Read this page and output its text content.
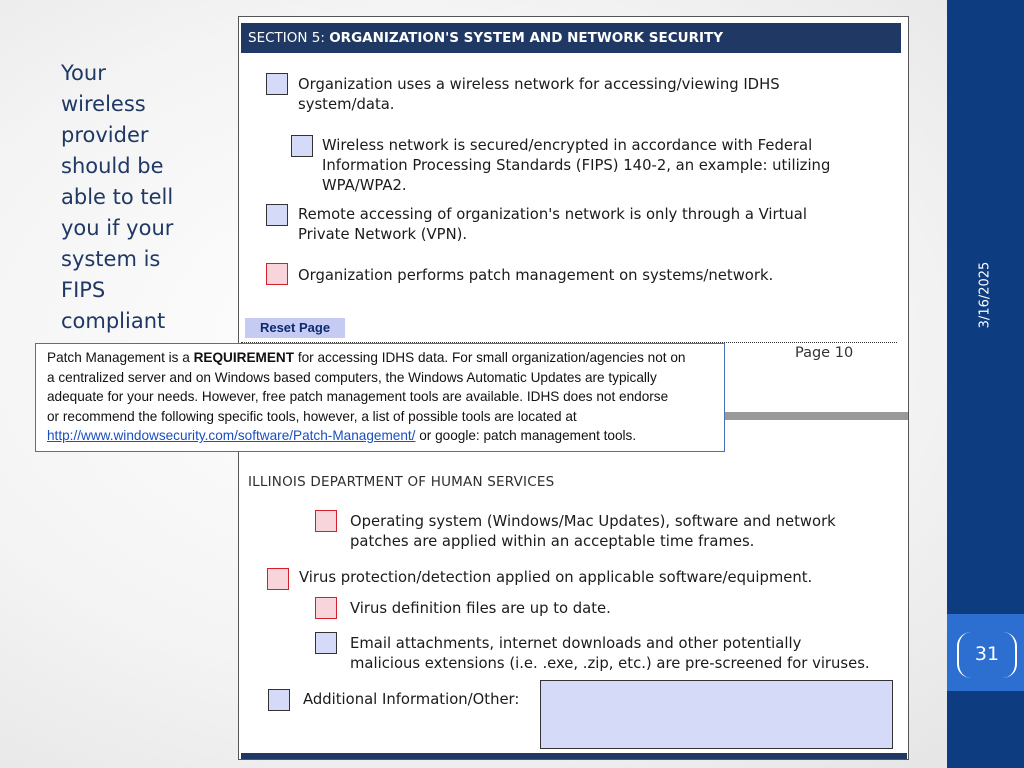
Your
wireless
provider
should be
able to tell
you if your
system is
FIPS
compliant	3/16/2025
31
SECTION 5: ORGANIZATION'S SYSTEM AND NETWORK SECURITY
Organization uses a wireless network for accessing/viewing IDHS
system/data.
Wireless network is secured/encrypted in accordance with Federal
Information Processing Standards (FIPS) 140-2, an example: utilizing
WPA/WPA2.
Remote accessing of organization's network is only through a Virtual
Private Network (VPN).
Organization performs patch management on systems/network.
Reset Page
Page 10
ILLINOIS DEPARTMENT OF HUMAN SERVICES
Operating system (Windows/Mac Updates), software and network
patches are applied within an acceptable time frames.
Virus protection/detection applied on applicable software/equipment.
Virus definition files are up to date.
Email attachments, internet downloads and other potentially
malicious extensions (i.e. .exe, .zip, etc.) are pre-screened for viruses.
Additional Information/Other:
Patch Management is a REQUIREMENT for accessing IDHS data. For small organization/agencies not on
a centralized server and on Windows based computers, the Windows Automatic Updates are typically
adequate for your needs. However, free patch management tools are available. IDHS does not endorse
or recommend the following specific tools, however, a list of possible tools are located at
http://www.windowsecurity.com/software/Patch-Management/ or google: patch management tools.
